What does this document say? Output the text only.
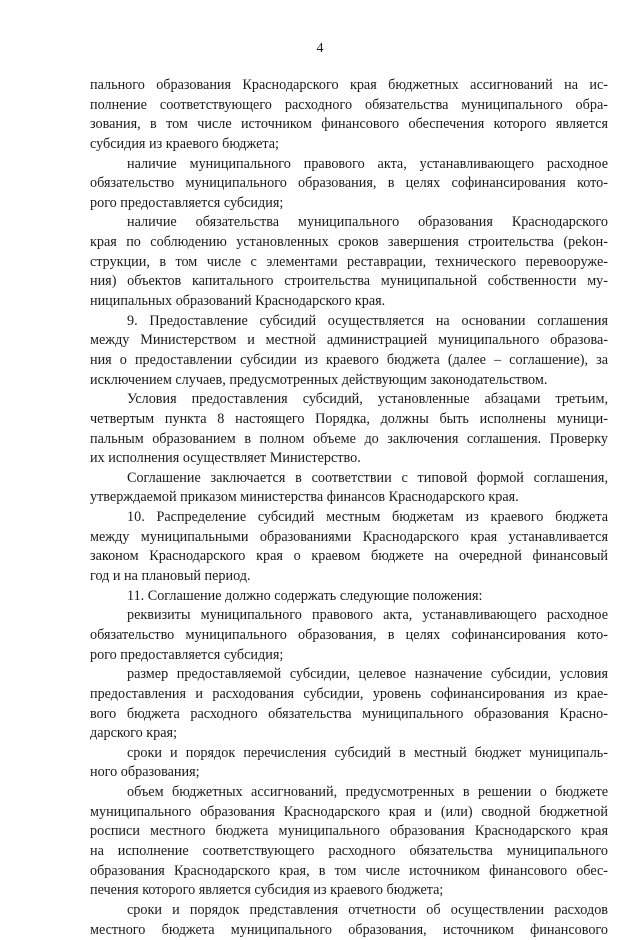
4
пального образования Краснодарского края бюджетных ассигнований на ис-
полнение соответствующего расходного обязательства муниципального обра-
зования, в том числе источником финансового обеспечения которого является
субсидия из краевого бюджета;
наличие муниципального правового акта, устанавливающего расходное
обязательство муниципального образования, в целях софинансирования кото-
рого предоставляется субсидия;
наличие обязательства муниципального образования Краснодарского
края по соблюдению установленных сроков завершения строительства (реkон-
струкции, в том числе с элементами реставрации, технического перевооруже-
ния) объектов капитального строительства муниципальной собственности му-
ниципальных образований Краснодарского края.
9. Предоставление субсидий осуществляется на основании соглашения
между Министерством и местной администрацией муниципального образова-
ния о предоставлении субсидии из краевого бюджета (далее – соглашение), за
исключением случаев, предусмотренных действующим законодательством.
Условия предоставления субсидий, установленные абзацами третьим,
четвертым пункта 8 настоящего Порядка, должны быть исполнены муници-
пальным образованием в полном объеме до заключения соглашения. Проверку
их исполнения осуществляет Министерство.
Соглашение заключается в соответствии с типовой формой соглашения,
утверждаемой приказом министерства финансов Краснодарского края.
10. Распределение субсидий местным бюджетам из краевого бюджета
между муниципальными образованиями Краснодарского края устанавливается
законом Краснодарского края о краевом бюджете на очередной финансовый
год и на плановый период.
11. Соглашение должно содержать следующие положения:
реквизиты муниципального правового акта, устанавливающего расходное
обязательство муниципального образования, в целях софинансирования кото-
рого предоставляется субсидия;
размер предоставляемой субсидии, целевое назначение субсидии, условия
предоставления и расходования субсидии, уровень софинансирования из крае-
вого бюджета расходного обязательства муниципального образования Красно-
дарского края;
сроки и порядок перечисления субсидий в местный бюджет муниципаль-
ного образования;
объем бюджетных ассигнований, предусмотренных в решении о бюджете
муниципального образования Краснодарского края и (или) сводной бюджетной
росписи местного бюджета муниципального образования Краснодарского края
на исполнение соответствующего расходного обязательства муниципального
образования Краснодарского края, в том числе источником финансового обес-
печения которого является субсидия из краевого бюджета;
сроки и порядок представления отчетности об осуществлении расходов
местного бюджета муниципального образования, источником финансового
